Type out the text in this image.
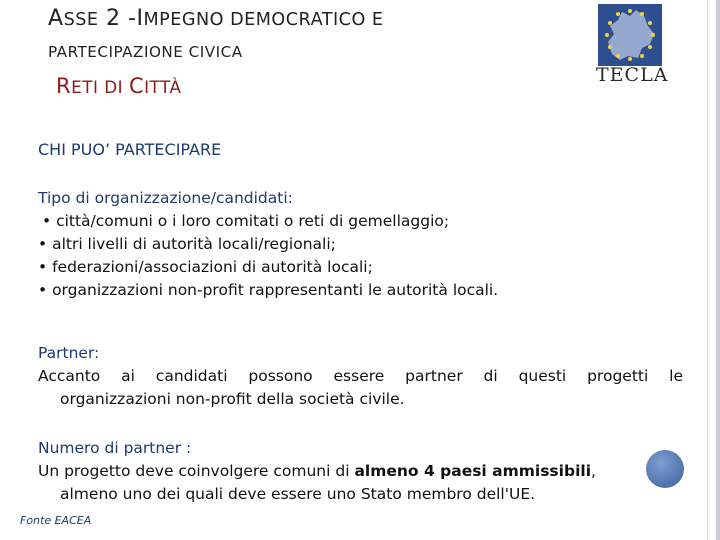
ASSE 2 -IMPEGNO DEMOCRATICO E
PARTECIPAZIONE CIVICA
RETI DI CITTÀ
TECLA
CHI PUO’ PARTECIPARE
Tipo di organizzazione/candidati:
• città/comuni o i loro comitati o reti di gemellaggio;
• altri livelli di autorità locali/regionali;
• federazioni/associazioni di autorità locali;
• organizzazioni non-profit rappresentanti le autorità locali.
Partner:
Accanto ai candidati possono essere partner di questi progetti le
organizzazioni non-profit della società civile.
Numero di partner :
Un progetto deve coinvolgere comuni di almeno 4 paesi ammissibili,
almeno uno dei quali deve essere uno Stato membro dell'UE.
Fonte EACEA
